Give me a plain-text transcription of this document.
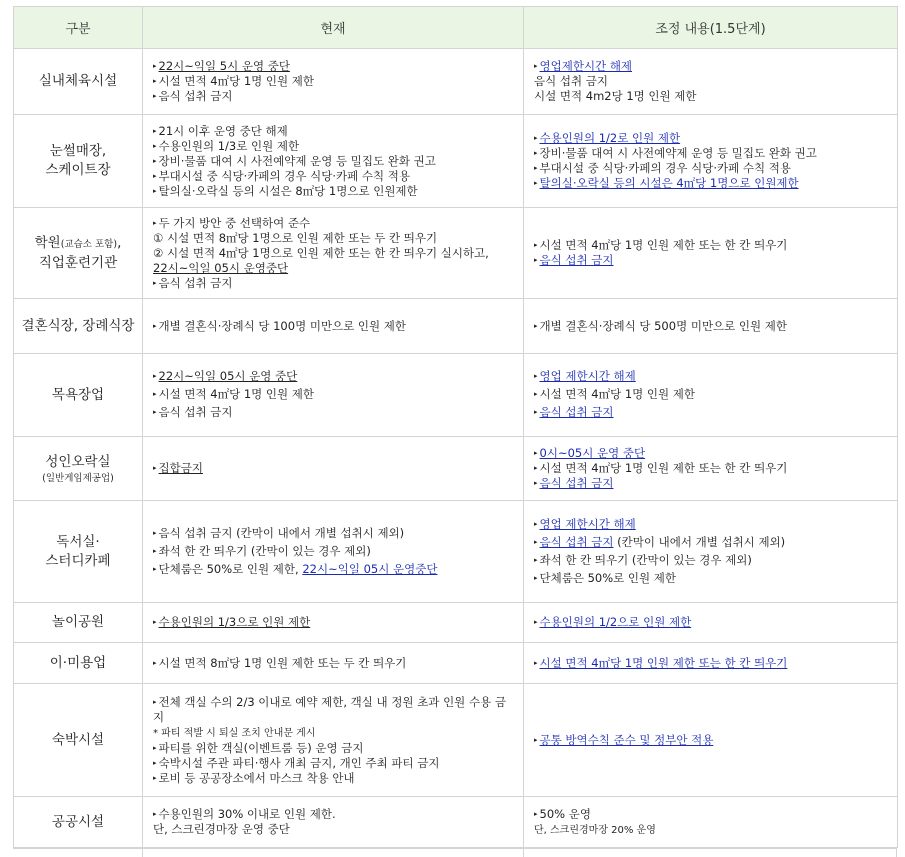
구분	현재	조정 내용(1.5단계)
실내체육시설	▸ 22시~익일 5시 운영 중단
▸ 시설 면적 4㎡당 1명 인원 제한
▸ 음식 섭취 금지	▸ 영업제한시간 해제
음식 섭취 금지
시설 면적 4m2당 1명 인원 제한

눈썰매장,
스케이트장	▸ 21시 이후 운영 중단 해제
▸ 수용인원의 1/3로 인원 제한
▸ 장비·물품 대여 시 사전예약제 운영 등 밀집도 완화 권고
▸ 부대시설 중 식당·카페의 경우 식당·카페 수칙 적용
▸ 탈의실·오락실 등의 시설은 8㎡당 1명으로 인원제한	▸ 수용인원의 1/2로 인원 제한
▸ 장비·물품 대여 시 사전예약제 운영 등 밀집도 완화 권고
▸ 부대시설 중 식당·카페의 경우 식당·카페 수칙 적용
▸ 탈의실·오락실 등의 시설은 4㎡당 1명으로 인원제한

학원(교습소 포함),
직업훈련기관	▸ 두 가지 방안 중 선택하여 준수
① 시설 면적 8㎡당 1명으로 인원 제한 또는 두 칸 띄우기
② 시설 면적 4㎡당 1명으로 인원 제한 또는 한 칸 띄우기 실시하고,
22시~익일 05시 운영중단
▸ 음식 섭취 금지	▸ 시설 면적 4㎡당 1명 인원 제한 또는 한 칸 띄우기
▸ 음식 섭취 금지

결혼식장, 장례식장	▸ 개별 결혼식·장례식 당 100명 미만으로 인원 제한	▸ 개별 결혼식·장례식 당 500명 미만으로 인원 제한

목욕장업	▸ 22시~익일 05시 운영 중단
▸ 시설 면적 4㎡당 1명 인원 제한
▸ 음식 섭취 금지	▸ 영업 제한시간 해제
▸ 시설 면적 4㎡당 1명 인원 제한
▸ 음식 섭취 금지

성인오락실
(일반게임제공업)	▸ 집합금지	▸ 0시~05시 운영 중단
▸ 시설 면적 4㎡당 1명 인원 제한 또는 한 칸 띄우기
▸ 음식 섭취 금지

독서실·
스터디카페	▸ 음식 섭취 금지 (칸막이 내에서 개별 섭취시 제외)
▸ 좌석 한 칸 띄우기 (칸막이 있는 경우 제외)
▸ 단체룸은 50%로 인원 제한, 22시~익일 05시 운영중단	▸ 영업 제한시간 해제
▸ 음식 섭취 금지 (칸막이 내에서 개별 섭취시 제외)
▸ 좌석 한 칸 띄우기 (칸막이 있는 경우 제외)
▸ 단체룸은 50%로 인원 제한

놀이공원	▸ 수용인원의 1/3으로 인원 제한	▸ 수용인원의 1/2으로 인원 제한

이·미용업	▸ 시설 면적 8㎡당 1명 인원 제한 또는 두 칸 띄우기	▸ 시설 면적 4㎡당 1명 인원 제한 또는 한 칸 띄우기

숙박시설	▸ 전체 객실 수의 2/3 이내로 예약 제한, 객실 내 정원 초과 인원 수용 금지
* 파티 적발 시 퇴실 조치 안내문 게시
▸ 파티를 위한 객실(이벤트룸 등) 운영 금지
▸ 숙박시설 주관 파티·행사 개최 금지, 개인 주최 파티 금지
▸ 로비 등 공공장소에서 마스크 착용 안내	▸ 공통 방역수칙 준수 및 정부안 적용

공공시설	▸ 수용인원의 30% 이내로 인원 제한.
단, 스크린경마장 운영 중단	▸ 50% 운영
단, 스크린경마장 20% 운영
